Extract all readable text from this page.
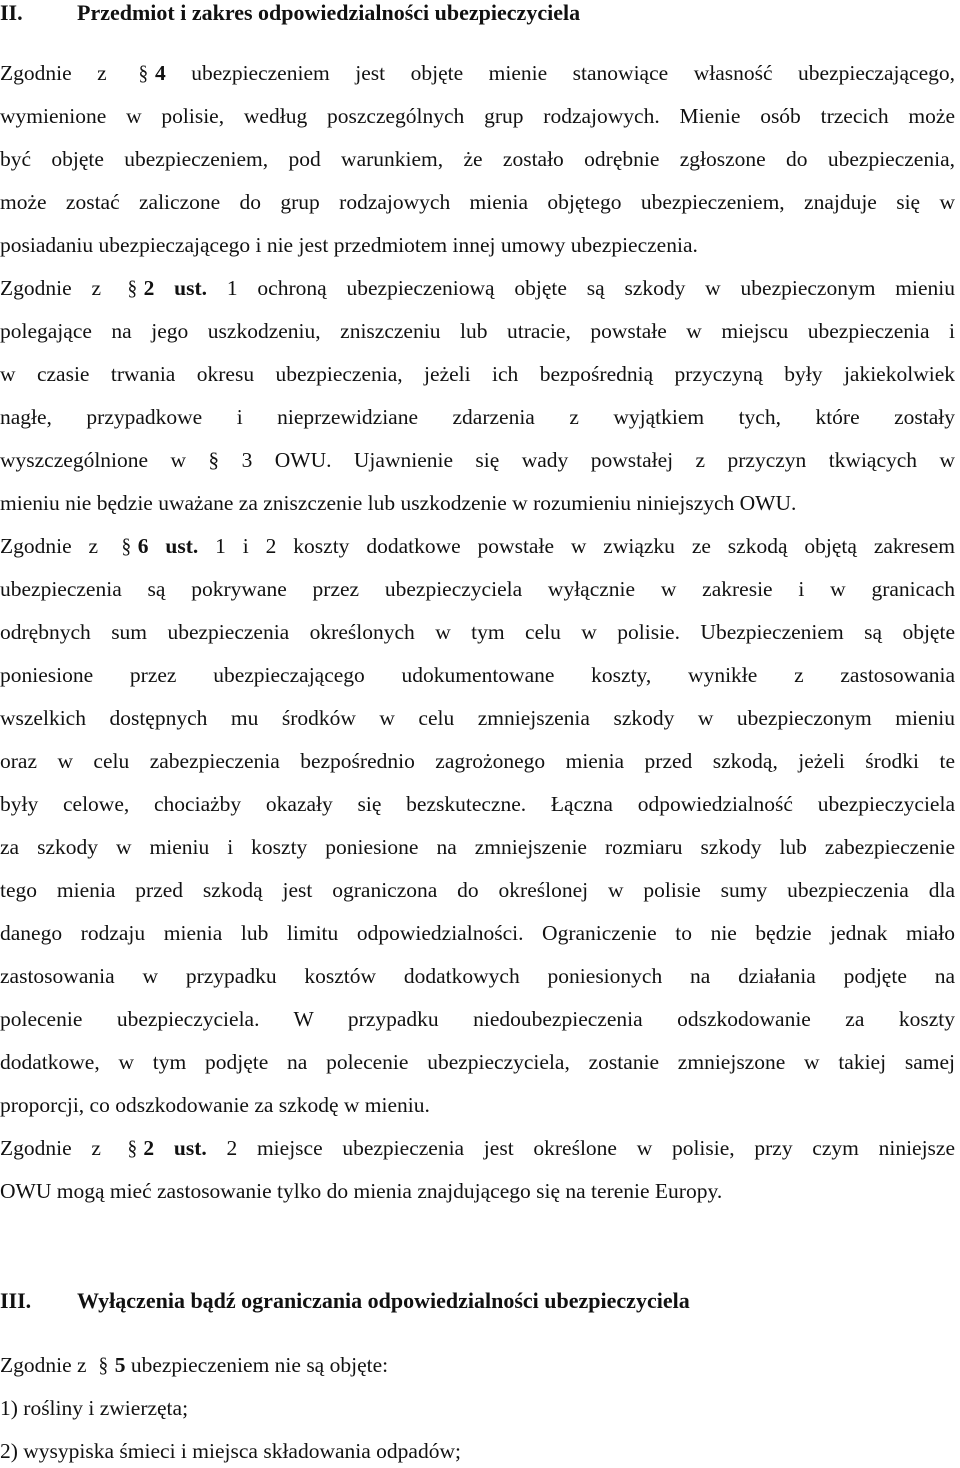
II. Przedmiot i zakres odpowiedzialności ubezpieczyciela
Zgodnie z § 4 ubezpieczeniem jest objęte mienie stanowiące własność ubezpieczającego,
wymienione w polisie, według poszczególnych grup rodzajowych. Mienie osób trzecich może
być objęte ubezpieczeniem, pod warunkiem, że zostało odrębnie zgłoszone do ubezpieczenia,
może zostać zaliczone do grup rodzajowych mienia objętego ubezpieczeniem, znajduje się w
posiadaniu ubezpieczającego i nie jest przedmiotem innej umowy ubezpieczenia.
Zgodnie z § 2 ust. 1 ochroną ubezpieczeniową objęte są szkody w ubezpieczonym mieniu
polegające na jego uszkodzeniu, zniszczeniu lub utracie, powstałe w miejscu ubezpieczenia i
w czasie trwania okresu ubezpieczenia, jeżeli ich bezpośrednią przyczyną były jakiekolwiek
nagłe, przypadkowe i nieprzewidziane zdarzenia z wyjątkiem tych, które zostały
wyszczególnione w § 3 OWU. Ujawnienie się wady powstałej z przyczyn tkwiących w
mieniu nie będzie uważane za zniszczenie lub uszkodzenie w rozumieniu niniejszych OWU.
Zgodnie z § 6 ust. 1 i 2 koszty dodatkowe powstałe w związku ze szkodą objętą zakresem
ubezpieczenia są pokrywane przez ubezpieczyciela wyłącznie w zakresie i w granicach
odrębnych sum ubezpieczenia określonych w tym celu w polisie. Ubezpieczeniem są objęte
poniesione przez ubezpieczającego udokumentowane koszty, wynikłe z zastosowania
wszelkich dostępnych mu środków w celu zmniejszenia szkody w ubezpieczonym mieniu
oraz w celu zabezpieczenia bezpośrednio zagrożonego mienia przed szkodą, jeżeli środki te
były celowe, chociażby okazały się bezskuteczne. Łączna odpowiedzialność ubezpieczyciela
za szkody w mieniu i koszty poniesione na zmniejszenie rozmiaru szkody lub zabezpieczenie
tego mienia przed szkodą jest ograniczona do określonej w polisie sumy ubezpieczenia dla
danego rodzaju mienia lub limitu odpowiedzialności. Ograniczenie to nie będzie jednak miało
zastosowania w przypadku kosztów dodatkowych poniesionych na działania podjęte na
polecenie ubezpieczyciela. W przypadku niedoubezpieczenia odszkodowanie za koszty
dodatkowe, w tym podjęte na polecenie ubezpieczyciela, zostanie zmniejszone w takiej samej
proporcji, co odszkodowanie za szkodę w mieniu.
Zgodnie z § 2 ust. 2 miejsce ubezpieczenia jest określone w polisie, przy czym niniejsze
OWU mogą mieć zastosowanie tylko do mienia znajdującego się na terenie Europy.
III. Wyłączenia bądź ograniczania odpowiedzialności ubezpieczyciela
Zgodnie z § 5 ubezpieczeniem nie są objęte:
1) rośliny i zwierzęta;
2) wysypiska śmieci i miejsca składowania odpadów;
